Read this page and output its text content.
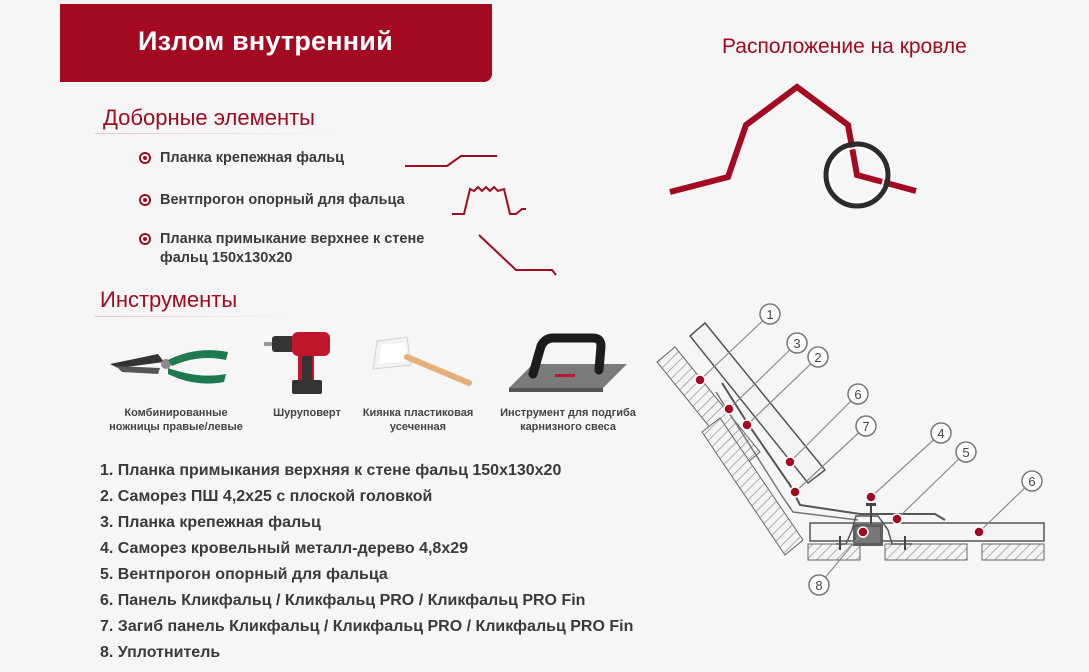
Излом внутренний	Расположение на кровле
Доборные элементы
Планка крепежная фальц
Вентпрогон опорный для фальца
Планка примыкание верхнее к стене
фальц 150x130x20
Инструменты
Комбинированные
ножницы правые/левые
Шуруповерт	Киянка пластиковая
усеченная
Инструмент для подгиба
карнизного свеса
1. Планка примыкания верхняя к стене фальц 150x130x20
2. Саморез ПШ 4,2x25 с плоской головкой
3. Планка крепежная фальц
4. Саморез кровельный металл-дерево 4,8x29
5. Вентпрогон опорный для фальца
6. Панель Кликфальц / Кликфальц PRO / Кликфальц PRO Fin
7. Загиб панель Кликфальц / Кликфальц PRO / Кликфальц PRO Fin
8. Уплотнитель
1
3
2
6
7	4
5
6
8
